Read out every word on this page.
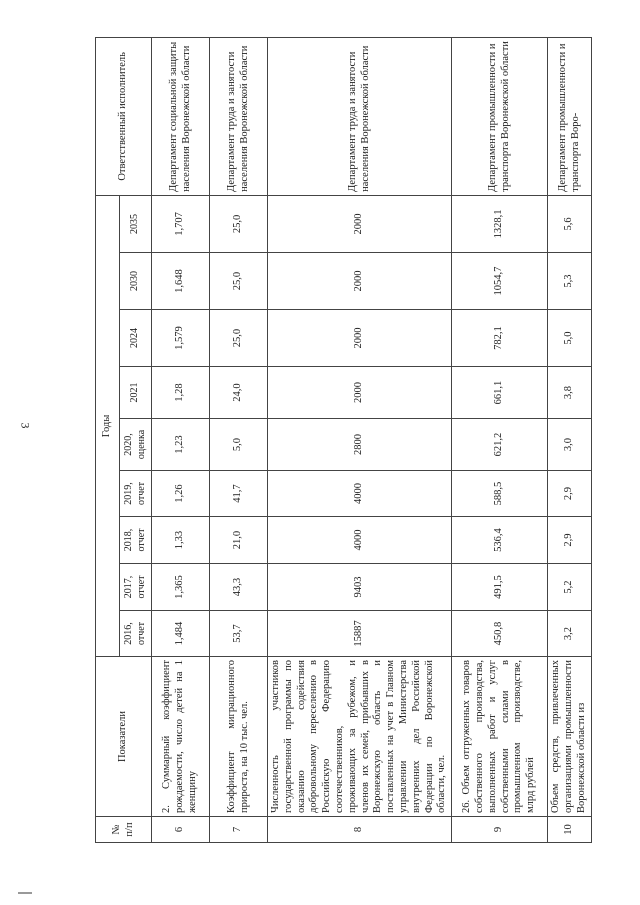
3
№ п/п	Показатели	Годы									Ответственный исполнитель
		2016, отчет	2017, отчет	2018, отчет	2019, отчет	2020, оценка	2021	2024	2030	2035	
6	2. Суммарный коэффициент рождаемости, число детей на 1 женщину	1,484	1,365	1,33	1,26	1,23	1,28	1,579	1,648	1,707	Департамент социальной защиты населения Воронежской области
7	Коэффициент миграционного прироста, на 10 тыс. чел.	53,7	43,3	21,0	41,7	5,0	24,0	25,0	25,0	25,0	Департамент труда и занятости населения Воронежской области
8	Численность участников государственной программы по оказанию содействия добровольному переселению в Российскую Федерацию соотечественников, проживающих за рубежом, и членов их семей, прибывших в Воронежскую область и поставленных на учет в Главном управлении Министерства внутренних дел Российской Федерации по Воронежской области, чел.	15887	9403	4000	4000	2800	2000	2000	2000	2000	Департамент труда и занятости населения Воронежской области
9	26. Объем отгруженных товаров собственного производства, выполненных работ и услуг собственными силами в промышленном производстве, млрд рублей	450,8	491,5	536,4	588,5	621,2	661,1	782,1	1054,7	1328,1	Департамент промышленности и транспорта Воронежской области
10	Объем средств, привлеченных организациями промышленности Воронежской области из	3,2	5,2	2,9	2,9	3,0	3,8	5,0	5,3	5,6	Департамент промышленности и транспорта Воро-
